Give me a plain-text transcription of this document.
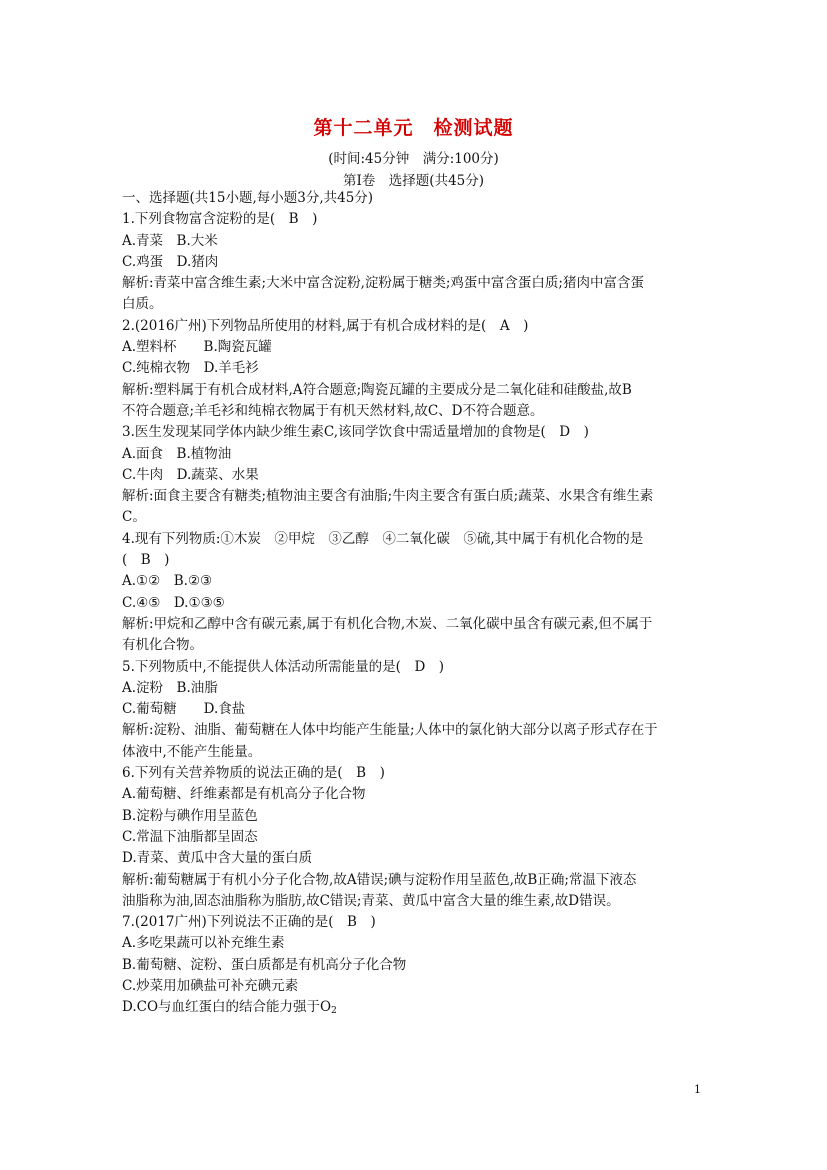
第十二单元　检测试题
(时间:45分钟　满分:100分)
第Ⅰ卷　选择题(共45分)
一、选择题(共15小题,每小题3分,共45分)
1.下列食物富含淀粉的是(　B　)
A.青菜　B.大米
C.鸡蛋　D.猪肉
解析:青菜中富含维生素;大米中富含淀粉,淀粉属于糖类;鸡蛋中富含蛋白质;猪肉中富含蛋
白质。
2.(2016广州)下列物品所使用的材料,属于有机合成材料的是(　A　)
A.塑料杯　　B.陶瓷瓦罐
C.纯棉衣物　D.羊毛衫
解析:塑料属于有机合成材料,A符合题意;陶瓷瓦罐的主要成分是二氧化硅和硅酸盐,故B
不符合题意;羊毛衫和纯棉衣物属于有机天然材料,故C、D不符合题意。
3.医生发现某同学体内缺少维生素C,该同学饮食中需适量增加的食物是(　D　)
A.面食　B.植物油
C.牛肉　D.蔬菜、水果
解析:面食主要含有糖类;植物油主要含有油脂;牛肉主要含有蛋白质;蔬菜、水果含有维生素
C。
4.现有下列物质:①木炭　②甲烷　③乙醇　④二氧化碳　⑤硫,其中属于有机化合物的是
(　B　)
A.①②　B.②③
C.④⑤　D.①③⑤
解析:甲烷和乙醇中含有碳元素,属于有机化合物,木炭、二氧化碳中虽含有碳元素,但不属于
有机化合物。
5.下列物质中,不能提供人体活动所需能量的是(　D　)
A.淀粉　B.油脂
C.葡萄糖　　D.食盐
解析:淀粉、油脂、葡萄糖在人体中均能产生能量;人体中的氯化钠大部分以离子形式存在于
体液中,不能产生能量。
6.下列有关营养物质的说法正确的是(　B　)
A.葡萄糖、纤维素都是有机高分子化合物
B.淀粉与碘作用呈蓝色
C.常温下油脂都呈固态
D.青菜、黄瓜中含大量的蛋白质
解析:葡萄糖属于有机小分子化合物,故A错误;碘与淀粉作用呈蓝色,故B正确;常温下液态
油脂称为油,固态油脂称为脂肪,故C错误;青菜、黄瓜中富含大量的维生素,故D错误。
7.(2017广州)下列说法不正确的是(　B　)
A.多吃果蔬可以补充维生素
B.葡萄糖、淀粉、蛋白质都是有机高分子化合物
C.炒菜用加碘盐可补充碘元素
D.CO与血红蛋白的结合能力强于$O_2$
1
